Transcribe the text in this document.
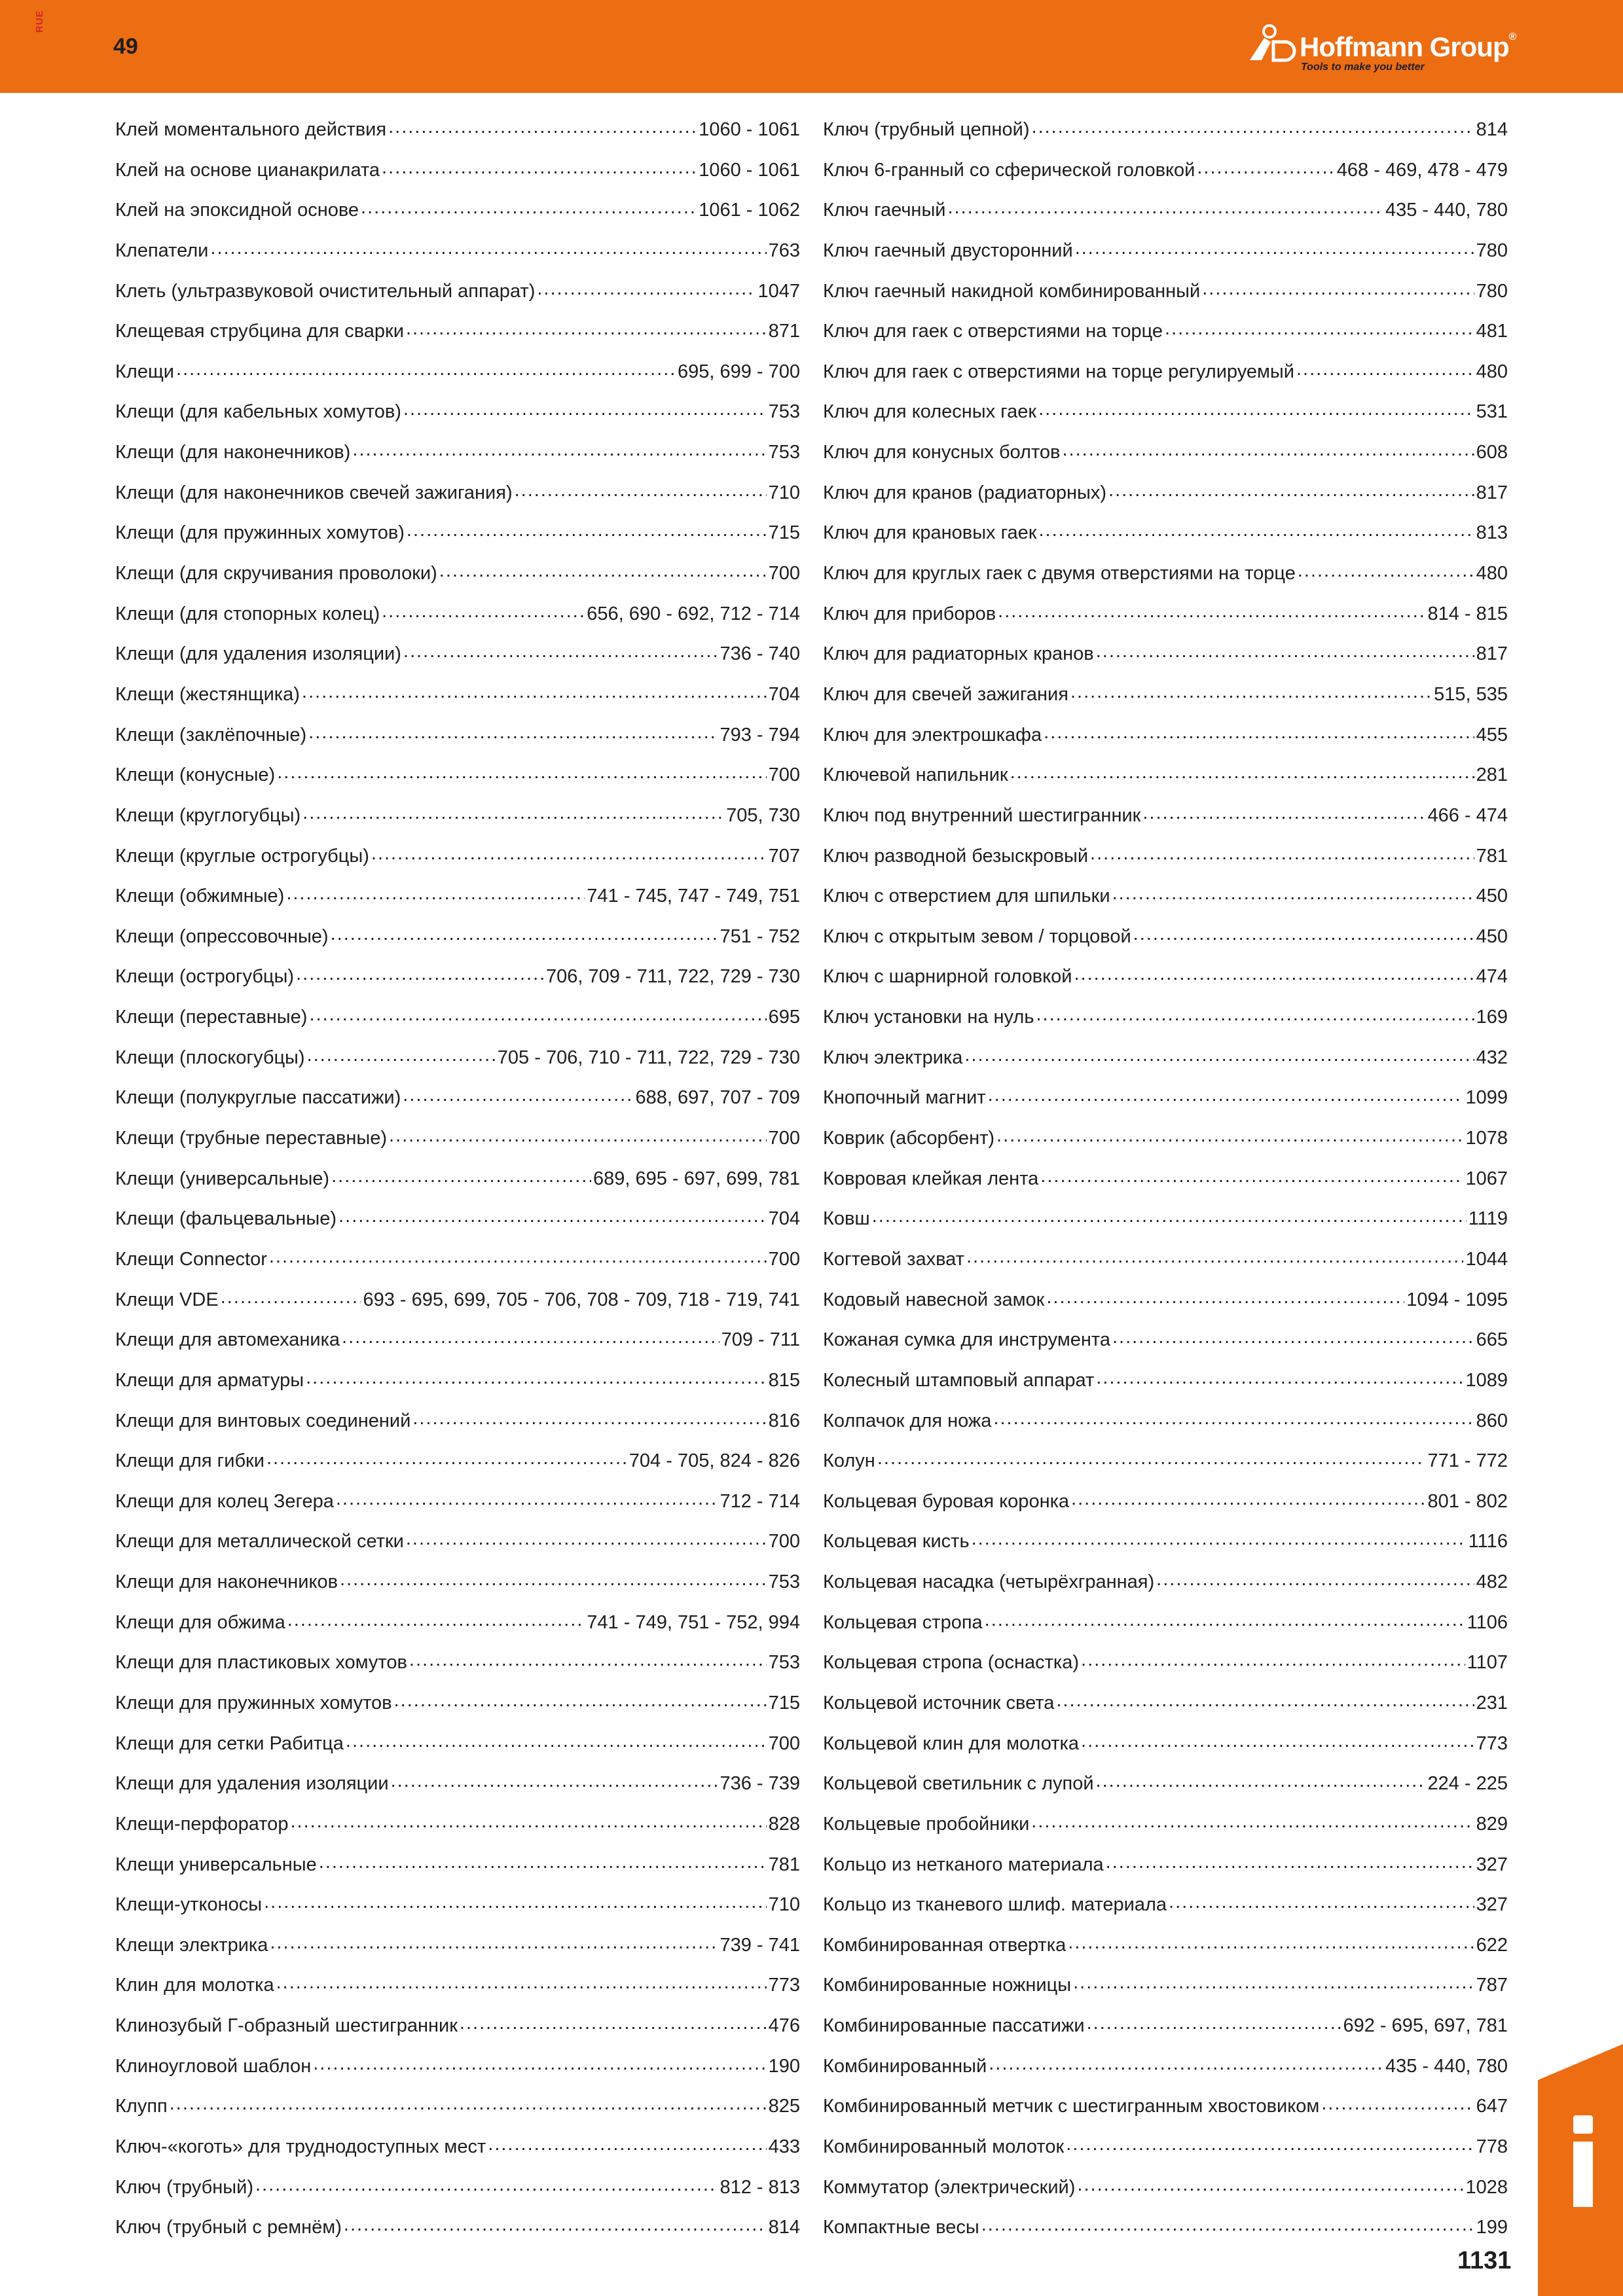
RUE
49	Hoffmann Group®
Tools to make you better
Клей моментального действия .....	1060 - 1061
Клей на основе цианакрилата .....	1060 - 1061
Клей на эпоксидной основе .....	1061 - 1062
Клепатели .....	763
Клеть (ультразвуковой очистительный аппарат) .....	1047
Клещевая струбцина для сварки .....	871
Клещи .....	695, 699 - 700
Клещи (для кабельных хомутов) .....	753
Клещи (для наконечников) .....	753
Клещи (для наконечников свечей зажигания) .....	710
Клещи (для пружинных хомутов) .....	715
Клещи (для скручивания проволоки) .....	700
Клещи (для стопорных колец) .....	656, 690 - 692, 712 - 714
Клещи (для удаления изоляции) .....	736 - 740
Клещи (жестянщика) .....	704
Клещи (заклёпочные) .....	793 - 794
Клещи (конусные) .....	700
Клещи (круглогубцы) .....	705, 730
Клещи (круглые острогубцы) .....	707
Клещи (обжимные) .....	741 - 745, 747 - 749, 751
Клещи (опрессовочные) .....	751 - 752
Клещи (острогубцы) .....	706, 709 - 711, 722, 729 - 730
Клещи (переставные) .....	695
Клещи (плоскогубцы) .....	705 - 706, 710 - 711, 722, 729 - 730
Клещи (полукруглые пассатижи) .....	688, 697, 707 - 709
Клещи (трубные переставные) .....	700
Клещи (универсальные) .....	689, 695 - 697, 699, 781
Клещи (фальцевальные) .....	704
Клещи Connector .....	700
Клещи VDE .....	693 - 695, 699, 705 - 706, 708 - 709, 718 - 719, 741
Клещи для автомеханика .....	709 - 711
Клещи для арматуры .....	815
Клещи для винтовых соединений .....	816
Клещи для гибки .....	704 - 705, 824 - 826
Клещи для колец Зегера .....	712 - 714
Клещи для металлической сетки .....	700
Клещи для наконечников .....	753
Клещи для обжима .....	741 - 749, 751 - 752, 994
Клещи для пластиковых хомутов .....	753
Клещи для пружинных хомутов .....	715
Клещи для сетки Рабитца .....	700
Клещи для удаления изоляции .....	736 - 739
Клещи-перфоратор .....	828
Клещи универсальные .....	781
Клещи-утконосы .....	710
Клещи электрика .....	739 - 741
Клин для молотка .....	773
Клинозубый Г-образный шестигранник .....	476
Клиноугловой шаблон .....	190
Клупп .....	825
Ключ-«коготь» для труднодоступных мест .....	433
Ключ (трубный) .....	812 - 813
Ключ (трубный с ремнём) .....	814
Ключ (трубный цепной) .....	814
Ключ 6-гранный со сферической головкой .....	468 - 469, 478 - 479
Ключ гаечный .....	435 - 440, 780
Ключ гаечный двусторонний .....	780
Ключ гаечный накидной комбинированный .....	780
Ключ для гаек с отверстиями на торце .....	481
Ключ для гаек с отверстиями на торце регулируемый .....	480
Ключ для колесных гаек .....	531
Ключ для конусных болтов .....	608
Ключ для кранов (радиаторных) .....	817
Ключ для крановых гаек .....	813
Ключ для круглых гаек с двумя отверстиями на торце .....	480
Ключ для приборов .....	814 - 815
Ключ для радиаторных кранов .....	817
Ключ для свечей зажигания .....	515, 535
Ключ для электрошкафа .....	455
Ключевой напильник .....	281
Ключ под внутренний шестигранник .....	466 - 474
Ключ разводной безыскровый .....	781
Ключ с отверстием для шпильки .....	450
Ключ с открытым зевом / торцовой .....	450
Ключ с шарнирной головкой .....	474
Ключ установки на нуль .....	169
Ключ электрика .....	432
Кнопочный магнит .....	1099
Коврик (абсорбент) .....	1078
Ковровая клейкая лента .....	1067
Ковш .....	1119
Когтевой захват .....	1044
Кодовый навесной замок .....	1094 - 1095
Кожаная сумка для инструмента .....	665
Колесный штамповый аппарат .....	1089
Колпачок для ножа .....	860
Колун .....	771 - 772
Кольцевая буровая коронка .....	801 - 802
Кольцевая кисть .....	1116
Кольцевая насадка (четырёхгранная) .....	482
Кольцевая стропа .....	1106
Кольцевая стропа (оснастка) .....	1107
Кольцевой источник света .....	231
Кольцевой клин для молотка .....	773
Кольцевой светильник с лупой .....	224 - 225
Кольцевые пробойники .....	829
Кольцо из нетканого материала .....	327
Кольцо из тканевого шлиф. материала .....	327
Комбинированная отвертка .....	622
Комбинированные ножницы .....	787
Комбинированные пассатижи .....	692 - 695, 697, 781
Комбинированный .....	435 - 440, 780
Комбинированный метчик с шестигранным хвостовиком .....	647
Комбинированный молоток .....	778
Коммутатор (электрический) .....	1028
Компактные весы .....	199
1131
